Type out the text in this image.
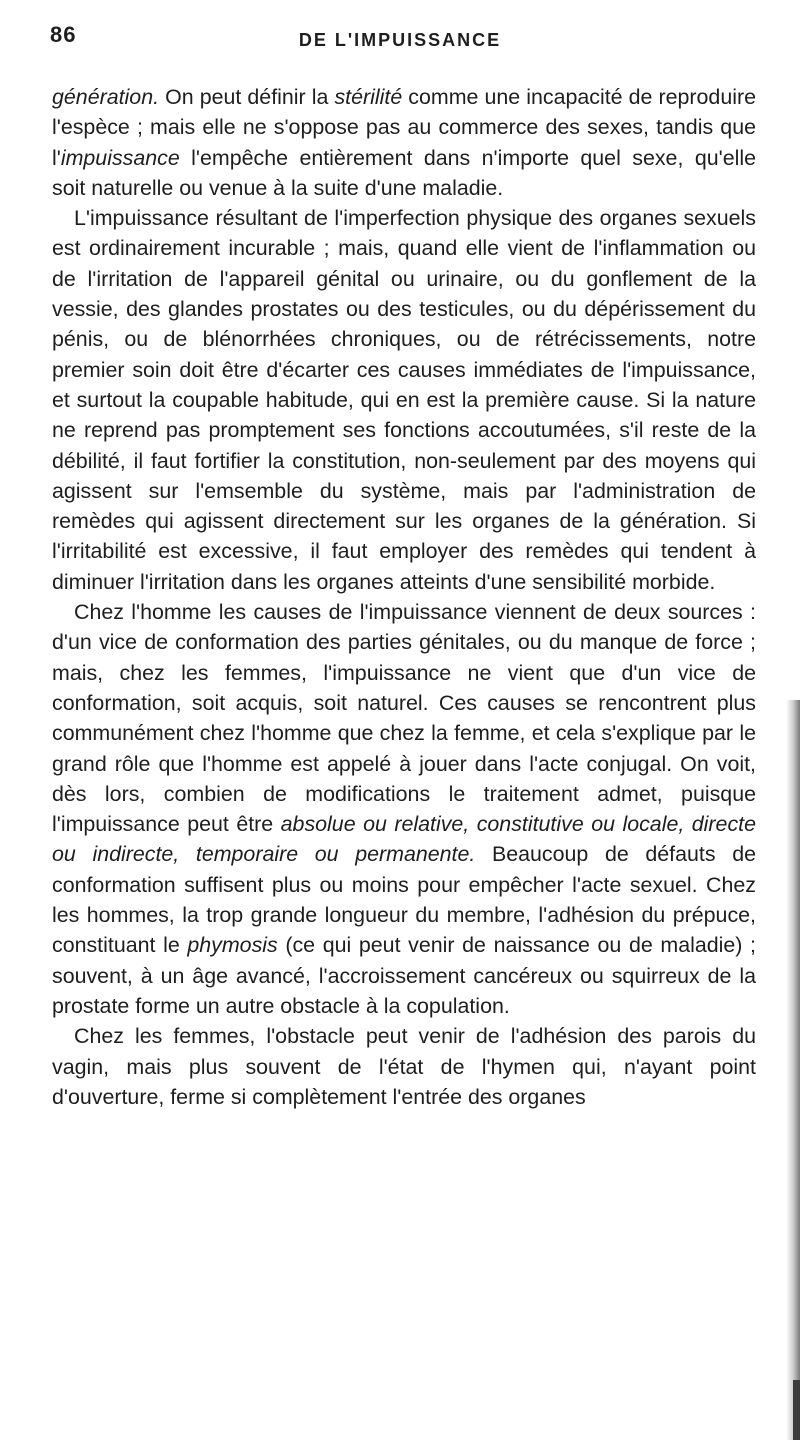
86	DE L'IMPUISSANCE

génération. On peut définir la stérilité comme une incapacité de reproduire l'espèce ; mais elle ne s'oppose pas au commerce des sexes, tandis que l'impuissance l'empêche entièrement dans n'importe quel sexe, qu'elle soit naturelle ou venue à la suite d'une maladie.

L'impuissance résultant de l'imperfection physique des organes sexuels est ordinairement incurable ; mais, quand elle vient de l'inflammation ou de l'irritation de l'appareil génital ou urinaire, ou du gonflement de la vessie, des glandes prostates ou des testicules, ou du dépérissement du pénis, ou de blénorrhées chroniques, ou de rétrécissements, notre premier soin doit être d'écarter ces causes immédiates de l'impuissance, et surtout la coupable habitude, qui en est la première cause. Si la nature ne reprend pas promptement ses fonctions accoutumées, s'il reste de la débilité, il faut fortifier la constitution, non-seulement par des moyens qui agissent sur l'emsemble du système, mais par l'administration de remèdes qui agissent directement sur les organes de la génération. Si l'irritabilité est excessive, il faut employer des remèdes qui tendent à diminuer l'irritation dans les organes atteints d'une sensibilité morbide.

Chez l'homme les causes de l'impuissance viennent de deux sources : d'un vice de conformation des parties génitales, ou du manque de force ; mais, chez les femmes, l'impuissance ne vient que d'un vice de conformation, soit acquis, soit naturel. Ces causes se rencontrent plus communément chez l'homme que chez la femme, et cela s'explique par le grand rôle que l'homme est appelé à jouer dans l'acte conjugal. On voit, dès lors, combien de modifications le traitement admet, puisque l'impuissance peut être absolue ou relative, constitutive ou locale, directe ou indirecte, temporaire ou permanente. Beaucoup de défauts de conformation suffisent plus ou moins pour empêcher l'acte sexuel. Chez les hommes, la trop grande longueur du membre, l'adhésion du prépuce, constituant le phymosis (ce qui peut venir de naissance ou de maladie) ; souvent, à un âge avancé, l'accroissement cancéreux ou squirreux de la prostate forme un autre obstacle à la copulation.

Chez les femmes, l'obstacle peut venir de l'adhésion des parois du vagin, mais plus souvent de l'état de l'hymen qui, n'ayant point d'ouverture, ferme si complètement l'entrée des organes
